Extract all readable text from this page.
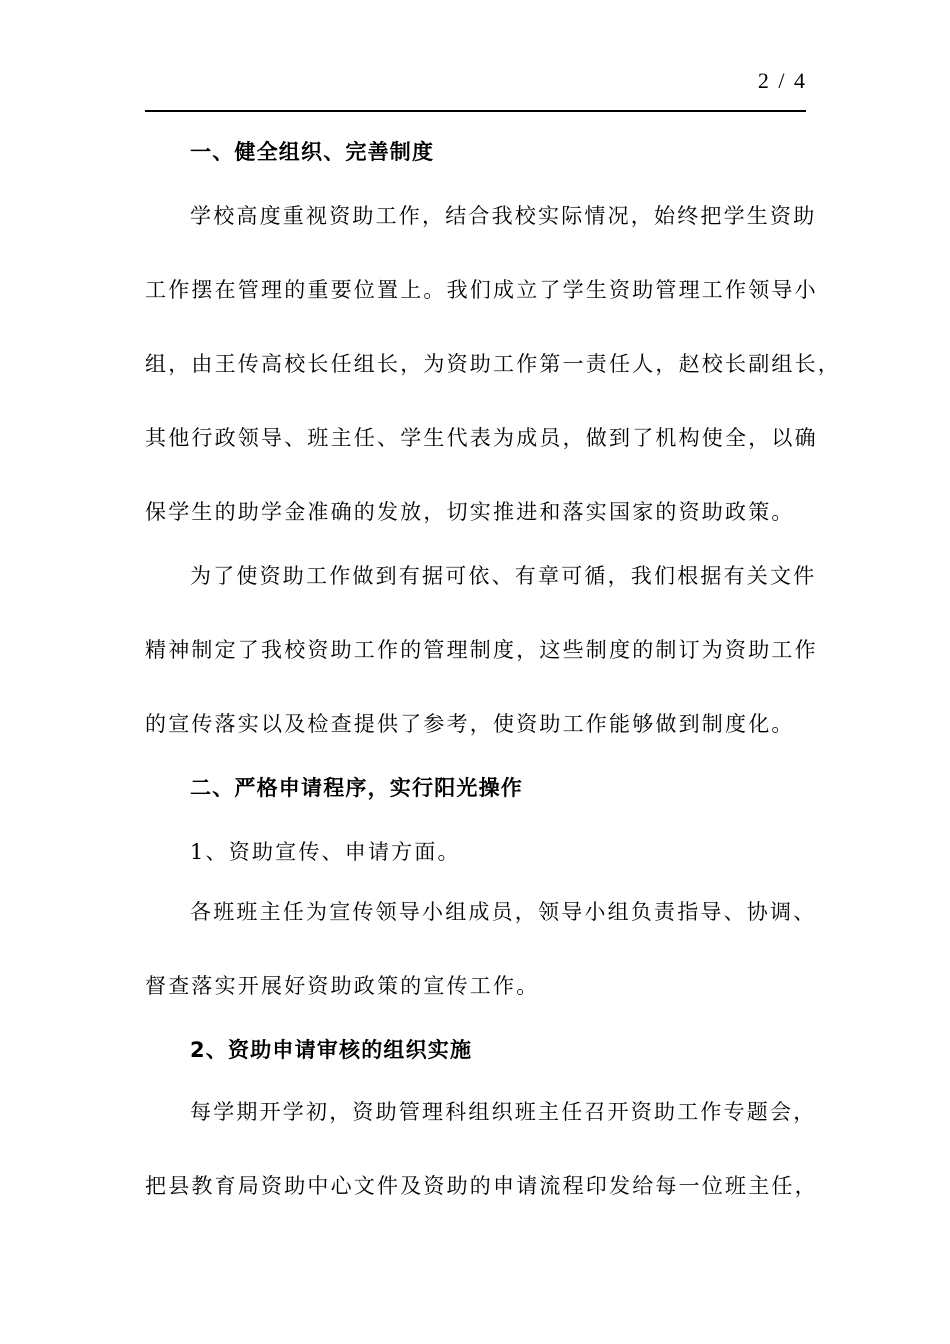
2 / 4
一、健全组织、完善制度
学校高度重视资助工作，结合我校实际情况，始终把学生资助
工作摆在管理的重要位置上。我们成立了学生资助管理工作领导小
组，由王传高校长任组长，为资助工作第一责任人，赵校长副组长，
其他行政领导、班主任、学生代表为成员，做到了机构使全，以确
保学生的助学金准确的发放，切实推进和落实国家的资助政策。
为了使资助工作做到有据可依、有章可循，我们根据有关文件
精神制定了我校资助工作的管理制度，这些制度的制订为资助工作
的宣传落实以及检查提供了参考，使资助工作能够做到制度化。
二、严格申请程序，实行阳光操作
1、资助宣传、申请方面。
各班班主任为宣传领导小组成员，领导小组负责指导、协调、
督查落实开展好资助政策的宣传工作。
2、资助申请审核的组织实施
每学期开学初，资助管理科组织班主任召开资助工作专题会，
把县教育局资助中心文件及资助的申请流程印发给每一位班主任，
